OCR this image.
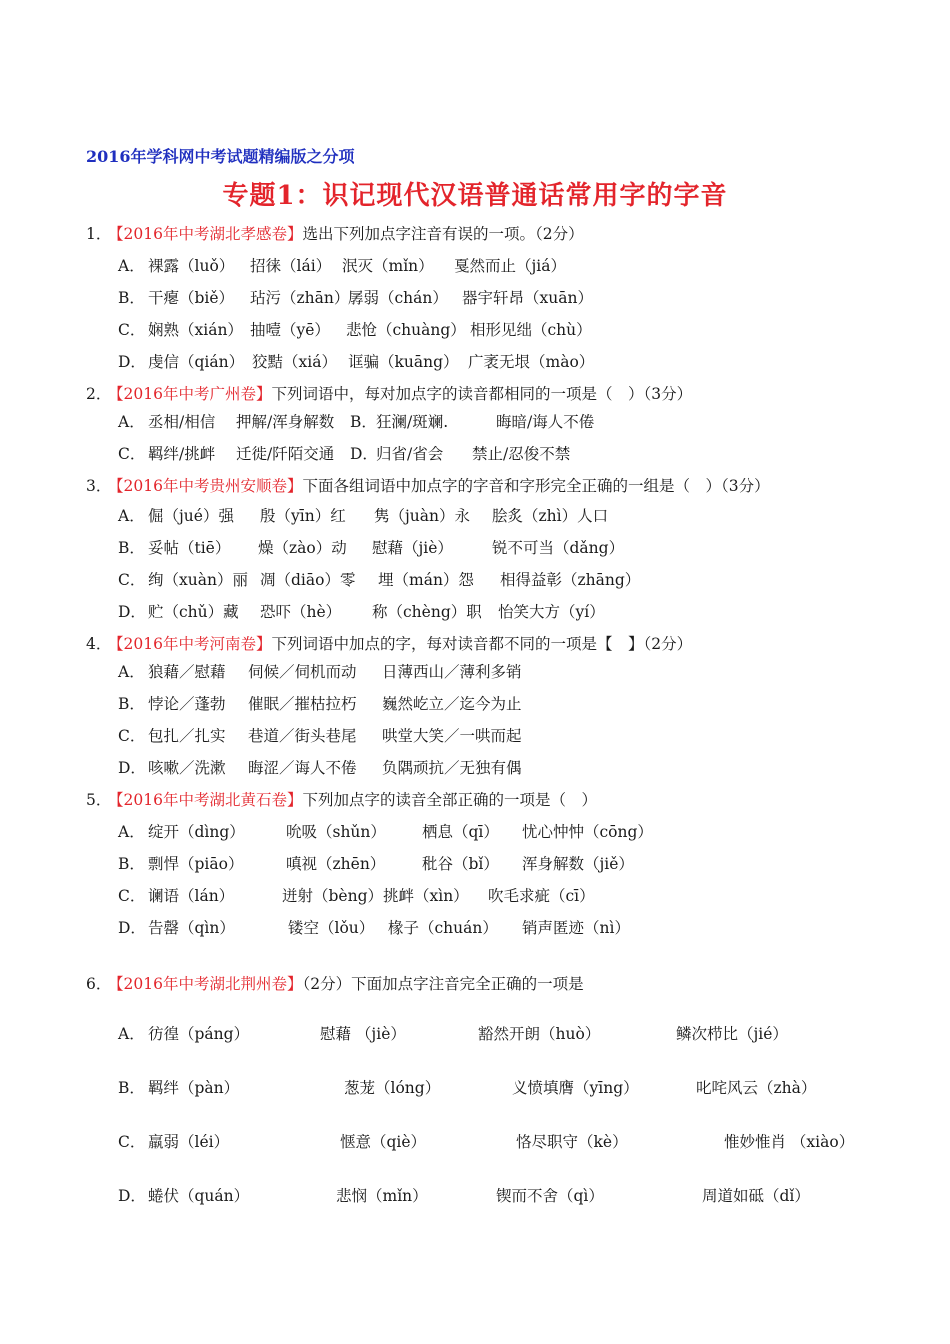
2016年学科网中考试题精编版之分项
专题1：识记现代汉语普通话常用字的字音
1．【2016年中考湖北孝感卷】选出下列加点字注音有误的一项。（2分）
A． 裸露（luǒ） 招徕（lái） 泯灭（mǐn） 戛然而止（jiá）
B． 干瘪（biě） 玷污（zhān）孱弱（chán） 器宇轩昂（xuān）
C． 娴熟（xián） 抽噎（yē） 悲怆（chuàng） 相形见绌（chù）
D． 虔信（qián） 狡黠（xiá） 诓骗（kuāng） 广袤无垠（mào）
2．【2016年中考广州卷】下列词语中，每对加点字的读音都相同的一项是（　）（3分）
A． 丞相/相信 押解/浑身解数 B．狂澜/斑斓.	晦暗/诲人不倦
C． 羁绊/挑衅 迁徙/阡陌交通 D．归省/省会 禁止/忍俊不禁
3．【2016年中考贵州安顺卷】下面各组词语中加点字的字音和字形完全正确的一组是（　）（3分）
A． 倔（jué）强 殷（yīn）红 隽（juàn）永 脍炙（zhì）人口
B． 妥帖（tiē） 燥（zào）动 慰藉（jiè）	锐不可当（dǎng）
C． 绚（xuàn）丽 凋（diāo）零 埋（mán）怨 相得益彰（zhāng）
D． 贮（chǔ）藏 恐吓（hè） 称（chèng）职 怡笑大方（yí）
4．【2016年中考河南卷】下列词语中加点的字，每对读音都不同的一项是【　】（2分）
A． 狼藉／慰藉 伺候／伺机而动 日薄西山／薄利多销
B． 悖论／蓬勃 催眠／摧枯拉朽 巍然屹立／迄今为止
C． 包扎／扎实 巷道／街头巷尾 哄堂大笑／一哄而起
D． 咳嗽／洗漱 晦涩／诲人不倦 负隅顽抗／无独有偶
5．【2016年中考湖北黄石卷】下列加点字的读音全部正确的一项是（　）
A． 绽开（dìng）	吮吸（shǔn） 栖息（qī） 忧心忡忡（cōng）
B． 剽悍（piāo）	嗔视（zhēn） 秕谷（bǐ） 浑身解数（jiě）
C． 谰语（lán）	迸射（bèng）挑衅（xìn） 吹毛求疵（cī）
D． 告罄（qìn）	镂空（lǒu） 椽子（chuán） 销声匿迹（nì）
6．【2016年中考湖北荆州卷】（2分）下面加点字注音完全正确的一项是
A． 彷徨（páng）	慰藉 （jiè）	豁然开朗（huò）	鳞次栉比（jié）
B． 羁绊（pàn）	葱茏（lóng）	义愤填膺（yīng）	叱咤风云（zhà）
C． 羸弱（léi）	惬意（qiè）	恪尽职守（kè）	惟妙惟肖 （xiào）
D． 蜷伏（quán）	悲悯（mǐn）	锲而不舍（qì）	周道如砥（dǐ）
